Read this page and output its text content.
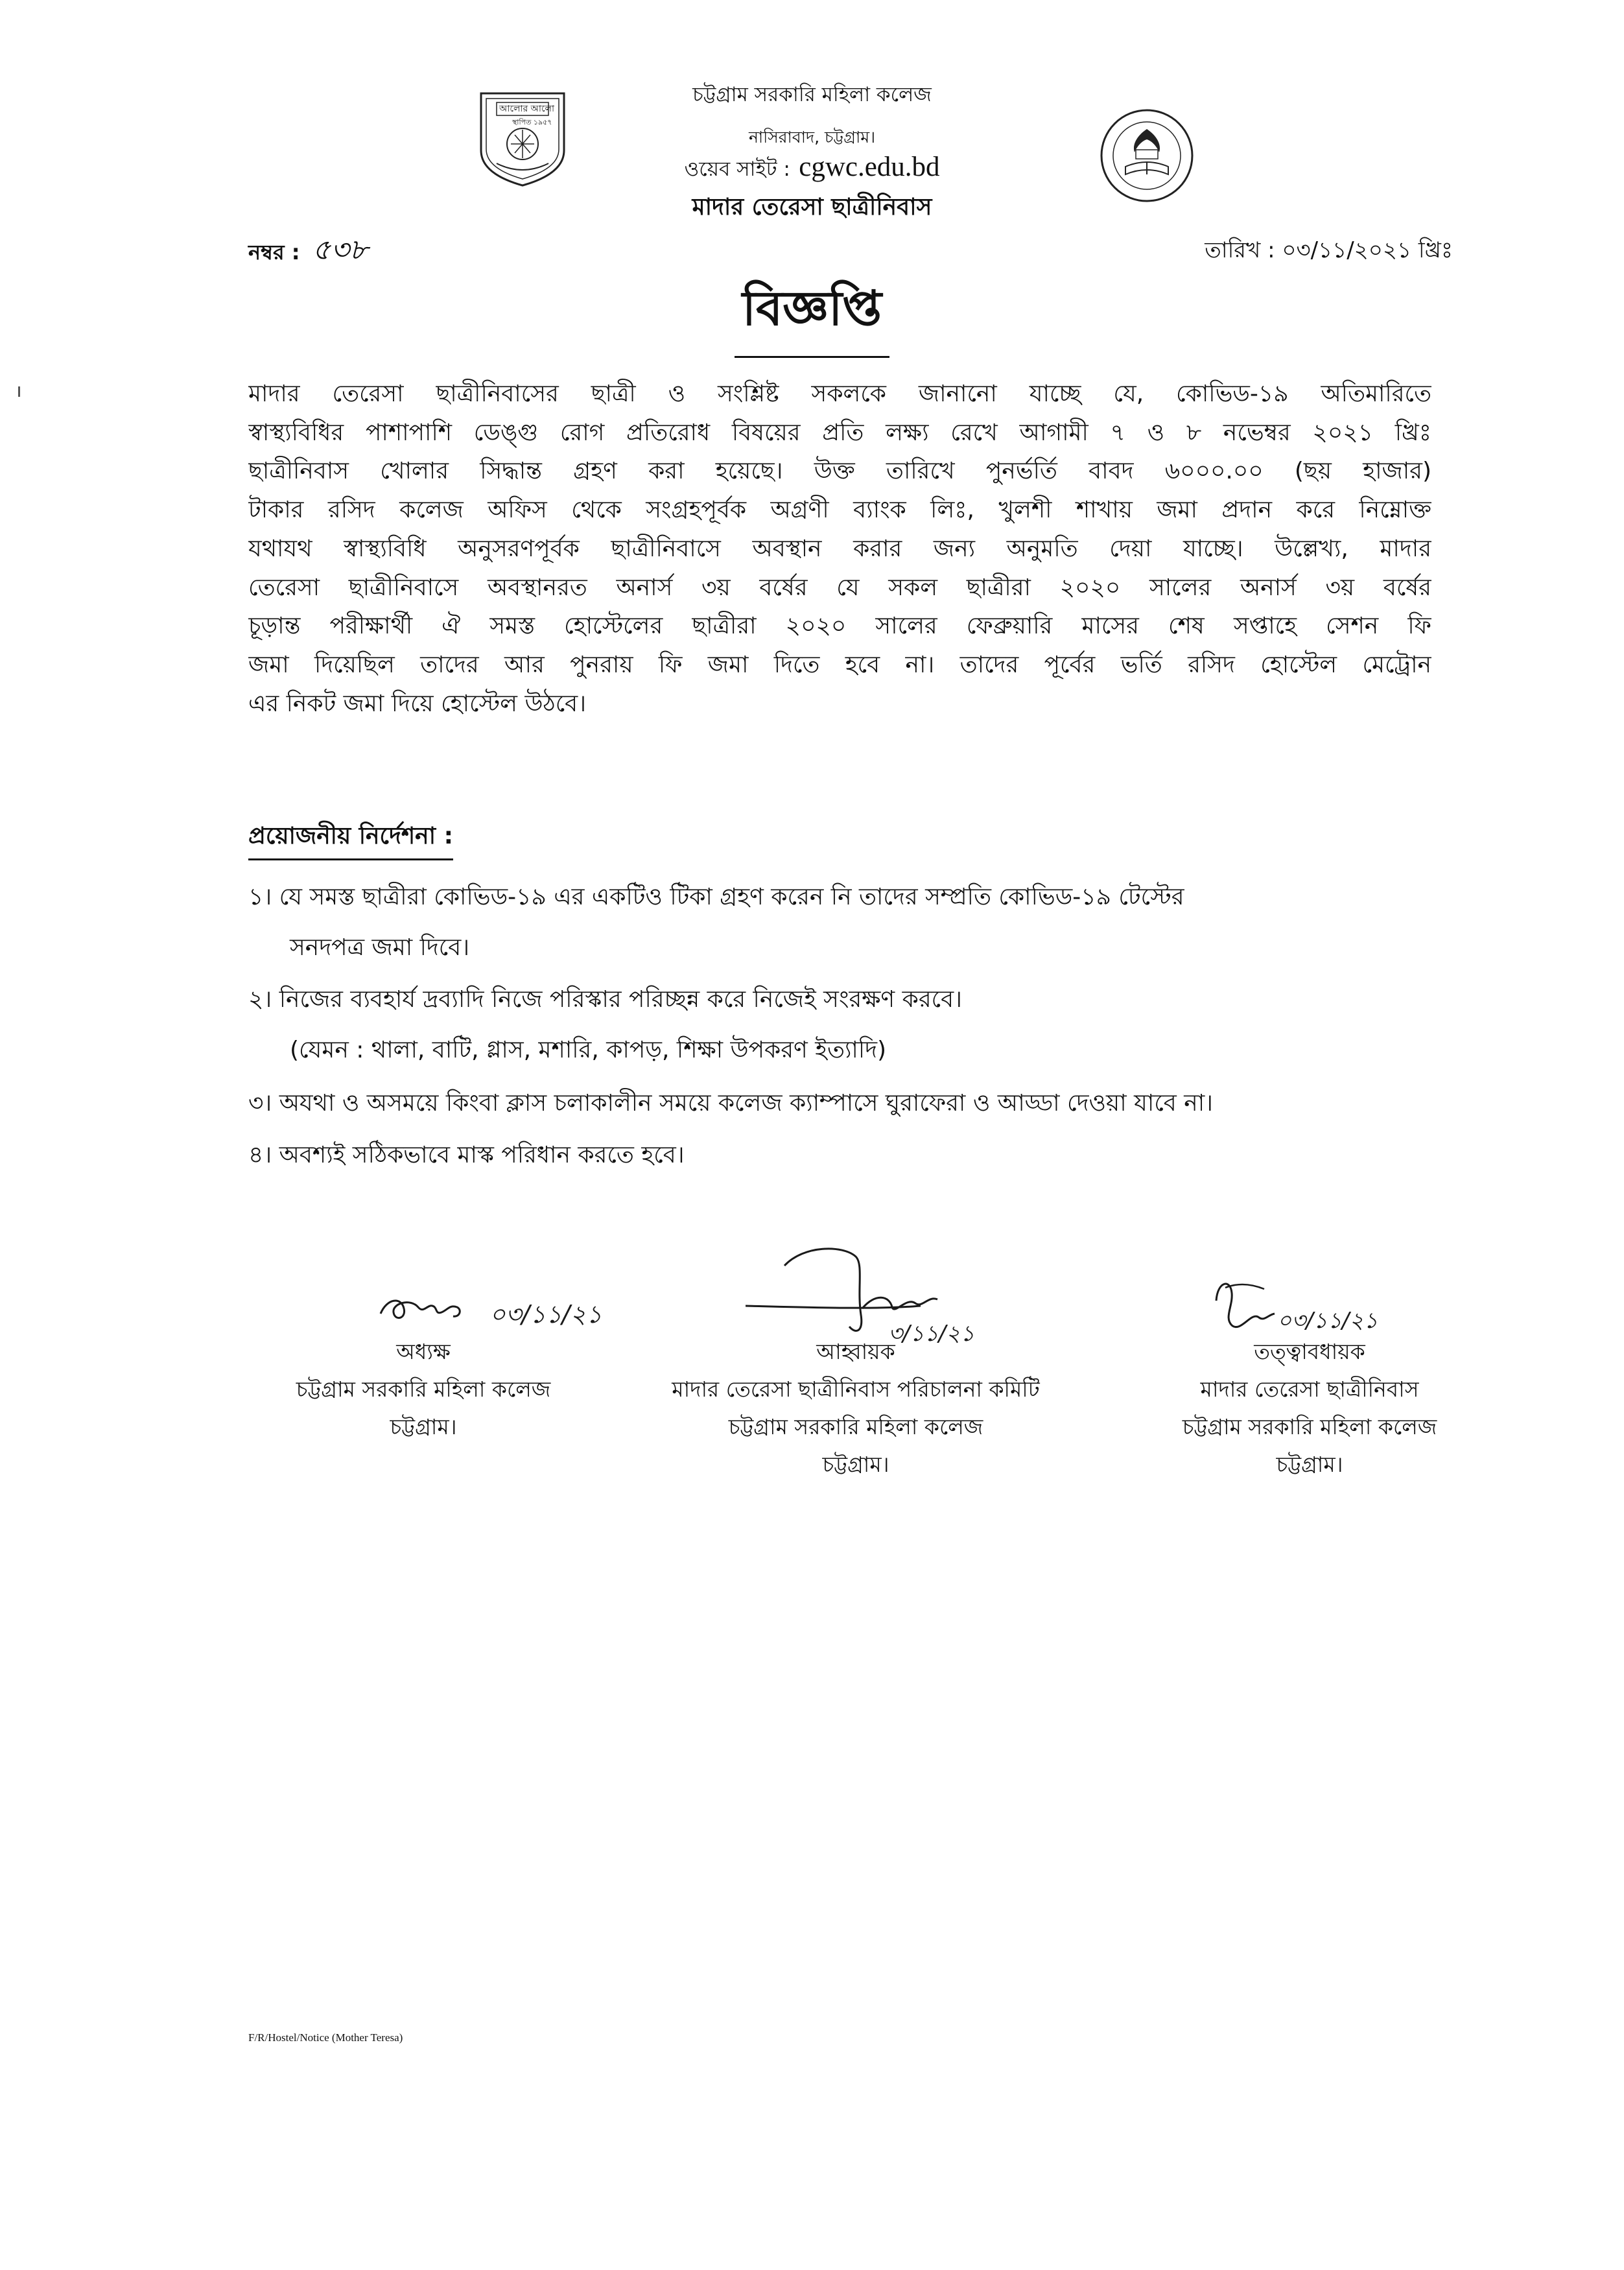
আলোর আলো
স্থাপিত ১৯৫৭
চট্টগ্রাম সরকারি মহিলা কলেজ
নাসিরাবাদ, চট্টগ্রাম।
ওয়েব সাইট : cgwc.edu.bd
মাদার তেরেসা ছাত্রীনিবাস
নম্বর : ৫৩৮	তারিখ : ০৩/১১/২০২১ খ্রিঃ
বিজ্ঞপ্তি
মাদার তেরেসা ছাত্রীনিবাসের ছাত্রী ও সংশ্লিষ্ট সকলকে জানানো যাচ্ছে যে, কোভিড-১৯ অতিমারিতে
স্বাস্থ্যবিধির পাশাপাশি ডেঙ্গু রোগ প্রতিরোধ বিষয়ের প্রতি লক্ষ্য রেখে আগামী ৭ ও ৮ নভেম্বর ২০২১ খ্রিঃ
ছাত্রীনিবাস খোলার সিদ্ধান্ত গ্রহণ করা হয়েছে। উক্ত তারিখে পুনর্ভর্তি বাবদ ৬০০০.০০ (ছয় হাজার)
টাকার রসিদ কলেজ অফিস থেকে সংগ্রহপূর্বক অগ্রণী ব্যাংক লিঃ, খুলশী শাখায় জমা প্রদান করে নিম্নোক্ত
যথাযথ স্বাস্থ্যবিধি অনুসরণপূর্বক ছাত্রীনিবাসে অবস্থান করার জন্য অনুমতি দেয়া যাচ্ছে। উল্লেখ্য, মাদার
তেরেসা ছাত্রীনিবাসে অবস্থানরত অনার্স ৩য় বর্ষের যে সকল ছাত্রীরা ২০২০ সালের অনার্স ৩য় বর্ষের
চূড়ান্ত পরীক্ষার্থী ঐ সমস্ত হোস্টেলের ছাত্রীরা ২০২০ সালের ফেব্রুয়ারি মাসের শেষ সপ্তাহে সেশন ফি
জমা দিয়েছিল তাদের আর পুনরায় ফি জমা দিতে হবে না। তাদের পূর্বের ভর্তি রসিদ হোস্টেল মেট্রোন
এর নিকট জমা দিয়ে হোস্টেল উঠবে।
প্রয়োজনীয় নির্দেশনা :
১। যে সমস্ত ছাত্রীরা কোভিড-১৯ এর একটিও টিকা গ্রহণ করেন নি তাদের সম্প্রতি কোভিড-১৯ টেস্টের
সনদপত্র জমা দিবে।
২। নিজের ব্যবহার্য দ্রব্যাদি নিজে পরিস্কার পরিচ্ছন্ন করে নিজেই সংরক্ষণ করবে।
(যেমন : থালা, বাটি, গ্লাস, মশারি, কাপড়, শিক্ষা উপকরণ ইত্যাদি)
৩। অযথা ও অসময়ে কিংবা ক্লাস চলাকালীন সময়ে কলেজ ক্যাম্পাসে ঘুরাফেরা ও আড্ডা দেওয়া যাবে না।
৪। অবশ্যই সঠিকভাবে মাস্ক পরিধান করতে হবে।
০৩/১১/২১
৩/১১/২১	০৩/১১/২১
অধ্যক্ষ
চট্টগ্রাম সরকারি মহিলা কলেজ
চট্টগ্রাম।
আহ্বায়ক
মাদার তেরেসা ছাত্রীনিবাস পরিচালনা কমিটি
চট্টগ্রাম সরকারি মহিলা কলেজ
চট্টগ্রাম।
তত্ত্বাবধায়ক
মাদার তেরেসা ছাত্রীনিবাস
চট্টগ্রাম সরকারি মহিলা কলেজ
চট্টগ্রাম।
F/R/Hostel/Notice (Mother Teresa)
